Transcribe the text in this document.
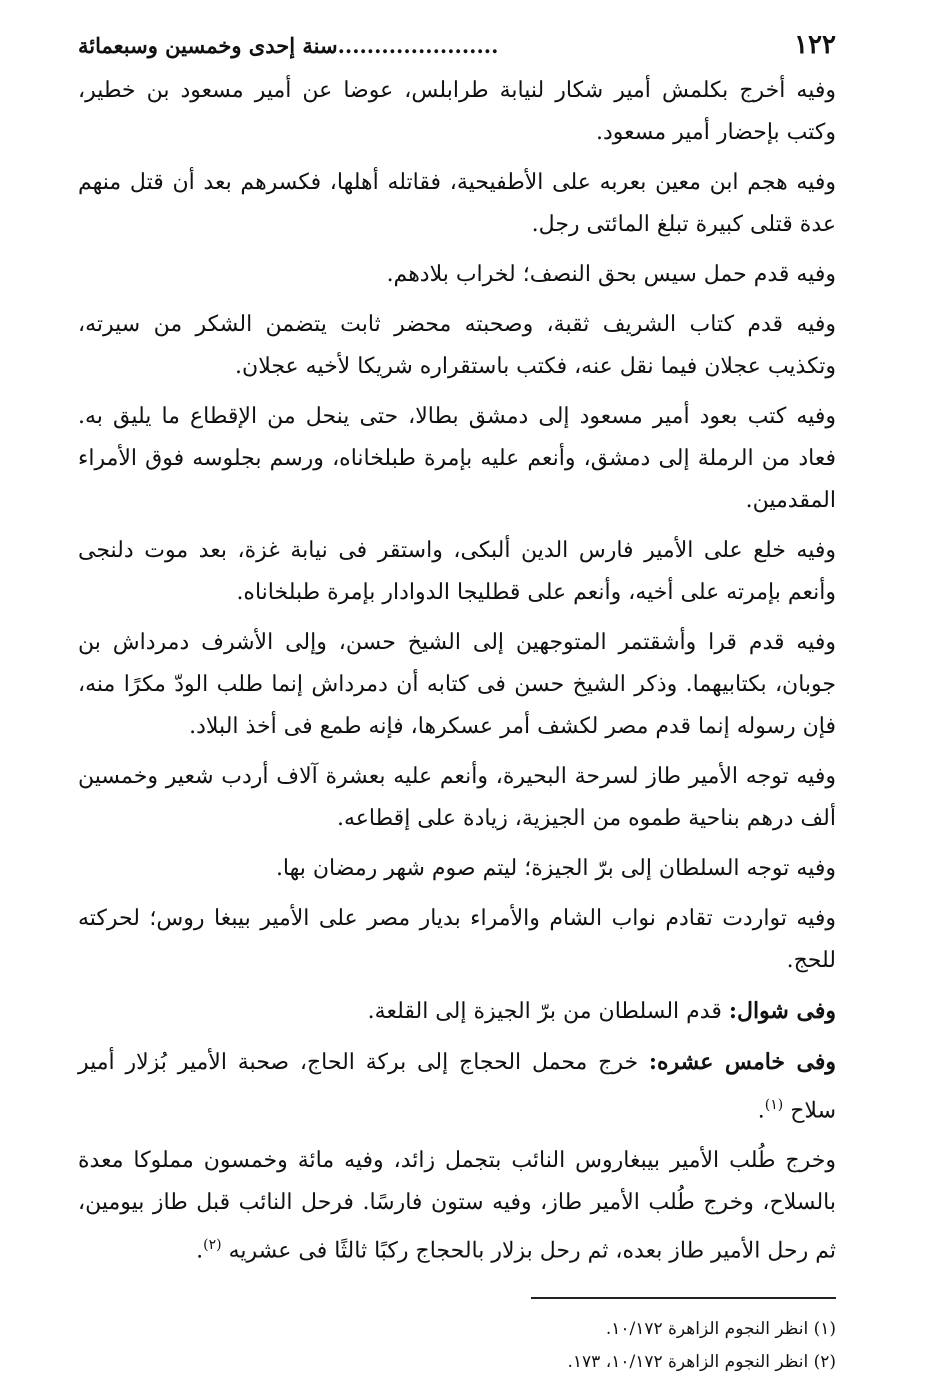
١٢٢
......................سنة إحدى وخمسين وسبعمائة

وفيه أخرج بكلمش أمير شكار لنيابة طرابلس، عوضا عن أمير مسعود بن خطير، وكتب بإحضار أمير مسعود.

وفيه هجم ابن معين بعربه على الأطفيحية، فقاتله أهلها، فكسرهم بعد أن قتل منهم عدة قتلى كبيرة تبلغ المائتى رجل.

وفيه قدم حمل سيس بحق النصف؛ لخراب بلادهم.

وفيه قدم كتاب الشريف ثقبة، وصحبته محضر ثابت يتضمن الشكر من سيرته، وتكذيب عجلان فيما نقل عنه، فكتب باستقراره شريكا لأخيه عجلان.

وفيه كتب بعود أمير مسعود إلى دمشق بطالا، حتى ينحل من الإقطاع ما يليق به. فعاد من الرملة إلى دمشق، وأنعم عليه بإمرة طبلخاناه، ورسم بجلوسه فوق الأمراء المقدمين.

وفيه خلع على الأمير فارس الدين ألبكى، واستقر فى نيابة غزة، بعد موت دلنجى وأنعم بإمرته على أخيه، وأنعم على قطليجا الدوادار بإمرة طبلخاناه.

وفيه قدم قرا وأشقتمر المتوجهين إلى الشيخ حسن، وإلى الأشرف دمرداش بن جوبان، بكتابيهما. وذكر الشيخ حسن فى كتابه أن دمرداش إنما طلب الودّ مكرًا منه، فإن رسوله إنما قدم مصر لكشف أمر عسكرها، فإنه طمع فى أخذ البلاد.

وفيه توجه الأمير طاز لسرحة البحيرة، وأنعم عليه بعشرة آلاف أردب شعير وخمسين ألف درهم بناحية طموه من الجيزية، زيادة على إقطاعه.

وفيه توجه السلطان إلى برّ الجيزة؛ ليتم صوم شهر رمضان بها.

وفيه تواردت تقادم نواب الشام والأمراء بديار مصر على الأمير بيبغا روس؛ لحركته للحج.

وفى شوال: قدم السلطان من برّ الجيزة إلى القلعة.

وفى خامس عشره: خرج محمل الحجاج إلى بركة الحاج، صحبة الأمير بُزلار أمير سلاح $^{(١)}$.

وخرج طُلب الأمير بيبغاروس النائب بتجمل زائد، وفيه مائة وخمسون مملوكا معدة بالسلاح، وخرج طُلب الأمير طاز، وفيه ستون فارسًا. فرحل النائب قبل طاز بيومين، ثم رحل الأمير طاز بعده، ثم رحل بزلار بالحجاج ركبًا ثالثًا فى عشريه $^{(٢)}$.

(١) انظر النجوم الزاهرة ١٠/١٧٢.

(٢) انظر النجوم الزاهرة ١٠/١٧٢، ١٧٣.
